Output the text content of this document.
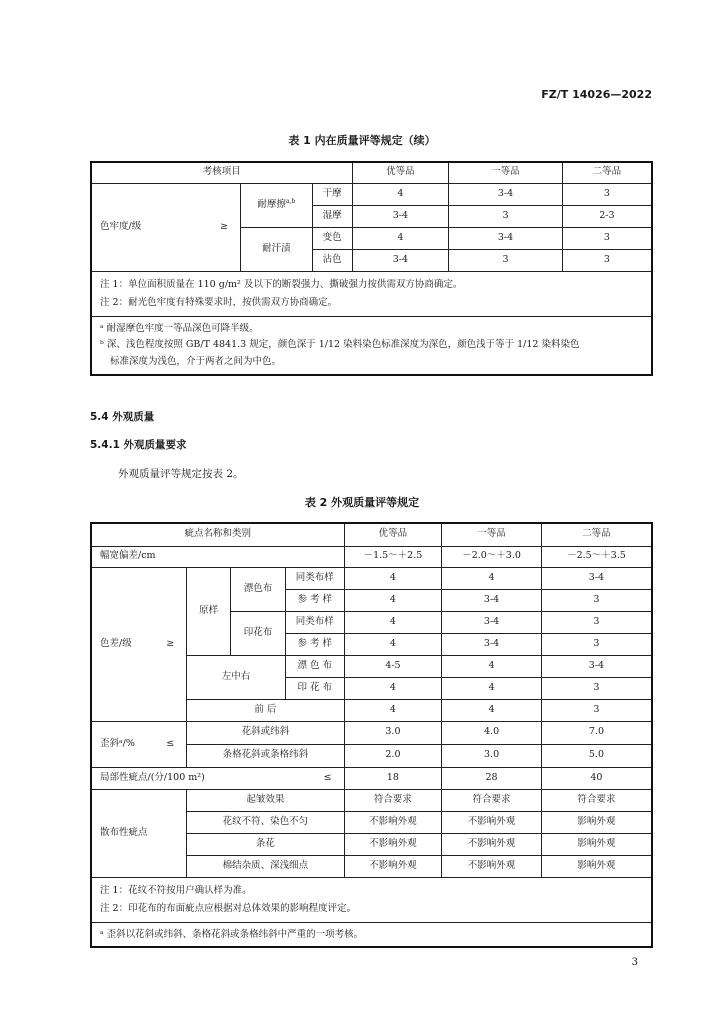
FZ/T 14026—2022
表 1 内在质量评等规定（续）
考核项目			优等品	一等品	二等品
色牢度/级 ≥	耐摩擦$^{a,b}$	干摩	4	3-4	3
		湿摩	3-4	3	2-3
	耐汗渍	变色	4	3-4	3
		沾色	3-4	3	3

注 1：单位面积质量在 110 g/m² 及以下的断裂强力、撕破强力按供需双方协商确定。
注 2：耐光色牢度有特殊要求时，按供需双方协商确定。					

ᵃ 耐湿摩色牢度一等品深色可降半级。
ᵇ 深、浅色程度按照 GB/T 4841.3 规定，颜色深于 1/12 染料染色标准深度为深色，颜色浅于等于 1/12 染料染色
标准深度为浅色，介于两者之间为中色。					
5.4 外观质量
5.4.1 外观质量要求
外观质量评等规定按表 2。
表 2 外观质量评等规定
疵点名称和类别				优等品	一等品	二等品
幅宽偏差/cm				－1.5～＋2.5	－2.0～＋3.0	－2.5～＋3.5
色差/级 ≥	原样	漂色布	同类布样	4	4	3-4
			参 考 样	4	3-4	3
		印花布	同类布样	4	3-4	3
			参 考 样	4	3-4	3
	左中右		漂 色 布	4-5	4	3-4
			印 花 布	4	4	3
	前 后			4	4	3
歪斜ᵃ/% ≤	花斜或纬斜			3.0	4.0	7.0
	条格花斜或条格纬斜			2.0	3.0	5.0
局部性疵点/(分/100 m²) ≤				18	28	40
散布性疵点	起皱效果			符合要求	符合要求	符合要求
	花纹不符、染色不匀			不影响外观	不影响外观	影响外观
	条花			不影响外观	不影响外观	影响外观
	棉结杂质、深浅细点			不影响外观	不影响外观	影响外观

注 1：花纹不符按用户确认样为准。
注 2：印花布的布面疵点应根据对总体效果的影响程度评定。						

ᵃ 歪斜以花斜或纬斜、条格花斜或条格纬斜中严重的一项考核。						
3
